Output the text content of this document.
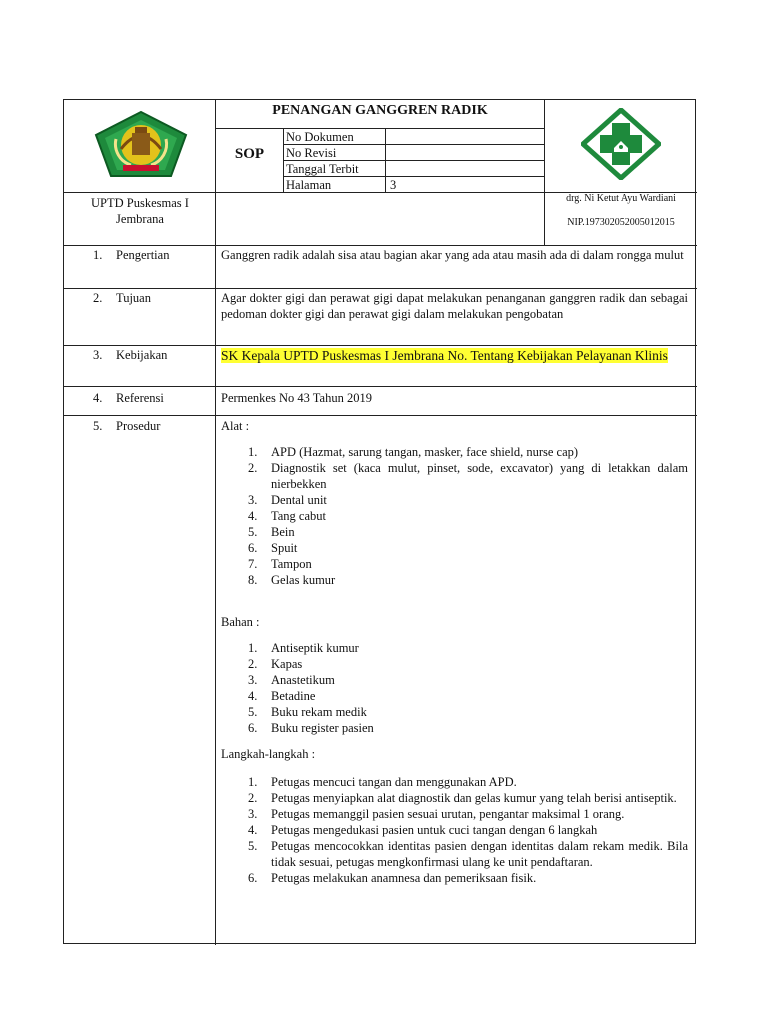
PENANGAN GANGGREN RADIK
SOP
No Dokumen
No Revisi
Tanggal Terbit
Halaman	3
UPTD Puskesmas I Jembrana
drg. Ni Ketut Ayu Wardiani
NIP.197302052005012015
1. Pengertian	Ganggren radik adalah sisa atau bagian akar yang ada atau masih ada di dalam rongga mulut
2. Tujuan	Agar dokter gigi dan perawat gigi dapat melakukan penanganan ganggren radik dan sebagai pedoman dokter gigi dan perawat gigi dalam melakukan pengobatan
3. Kebijakan	SK Kepala UPTD Puskesmas I Jembrana No. Tentang Kebijakan Pelayanan Klinis
4. Referensi	Permenkes No 43 Tahun 2019
5. Prosedur	Alat :
1. APD (Hazmat, sarung tangan, masker, face shield, nurse cap)
2. Diagnostik set (kaca mulut, pinset, sode, excavator) yang di letakkan dalam nierbekken
3. Dental unit
4. Tang cabut
5. Bein
6. Spuit
7. Tampon
8. Gelas kumur
Bahan :
1. Antiseptik kumur
2. Kapas
3. Anastetikum
4. Betadine
5. Buku rekam medik
6. Buku register pasien
Langkah-langkah :
1. Petugas mencuci tangan dan menggunakan APD.
2. Petugas menyiapkan alat diagnostik dan gelas kumur yang telah berisi antiseptik.
3. Petugas memanggil pasien sesuai urutan, pengantar maksimal 1 orang.
4. Petugas mengedukasi pasien untuk cuci tangan dengan 6 langkah
5. Petugas mencocokkan identitas pasien dengan identitas dalam rekam medik. Bila tidak sesuai, petugas mengkonfirmasi ulang ke unit pendaftaran.
6. Petugas melakukan anamnesa dan pemeriksaan fisik.
